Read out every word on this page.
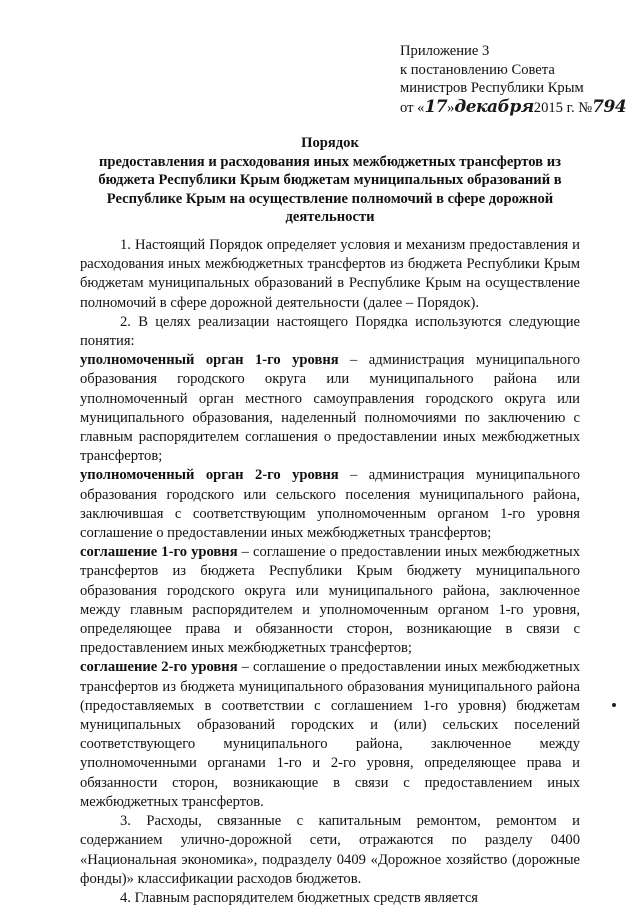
Приложение 3
к постановлению Совета
министров Республики Крым
от «17»декабря2015 г. №794
Порядок
предоставления и расходования иных межбюджетных трансфертов из бюджета Республики Крым бюджетам муниципальных образований в Республике Крым на осуществление полномочий в сфере дорожной деятельности

1. Настоящий Порядок определяет условия и механизм предоставления и расходования иных межбюджетных трансфертов из бюджета Республики Крым бюджетам муниципальных образований в Республике Крым на осуществление полномочий в сфере дорожной деятельности (далее – Порядок).

2. В целях реализации настоящего Порядка используются следующие понятия:

уполномоченный орган 1-го уровня – администрация муниципального образования городского округа или муниципального района или уполномоченный орган местного самоуправления городского округа или муниципального образования, наделенный полномочиями по заключению с главным распорядителем соглашения о предоставлении иных межбюджетных трансфертов;

уполномоченный орган 2-го уровня – администрация муниципального образования городского или сельского поселения муниципального района, заключившая с соответствующим уполномоченным органом 1-го уровня соглашение о предоставлении иных межбюджетных трансфертов;

соглашение 1-го уровня – соглашение о предоставлении иных межбюджетных трансфертов из бюджета Республики Крым бюджету муниципального образования городского округа или муниципального района, заключенное между главным распорядителем и уполномоченным органом 1-го уровня, определяющее права и обязанности сторон, возникающие в связи с предоставлением иных межбюджетных трансфертов;

соглашение 2-го уровня – соглашение о предоставлении иных межбюджетных трансфертов из бюджета муниципального образования муниципального района (предоставляемых в соответствии с соглашением 1-го уровня) бюджетам муниципальных образований городских и (или) сельских поселений соответствующего муниципального района, заключенное между уполномоченными органами 1-го и 2-го уровня, определяющее права и обязанности сторон, возникающие в связи с предоставлением иных межбюджетных трансфертов.

3. Расходы, связанные с капитальным ремонтом, ремонтом и содержанием улично-дорожной сети, отражаются по разделу 0400 «Национальная экономика», подразделу 0409 «Дорожное хозяйство (дорожные фонды)» классификации расходов бюджетов.

4. Главным распорядителем бюджетных средств является
